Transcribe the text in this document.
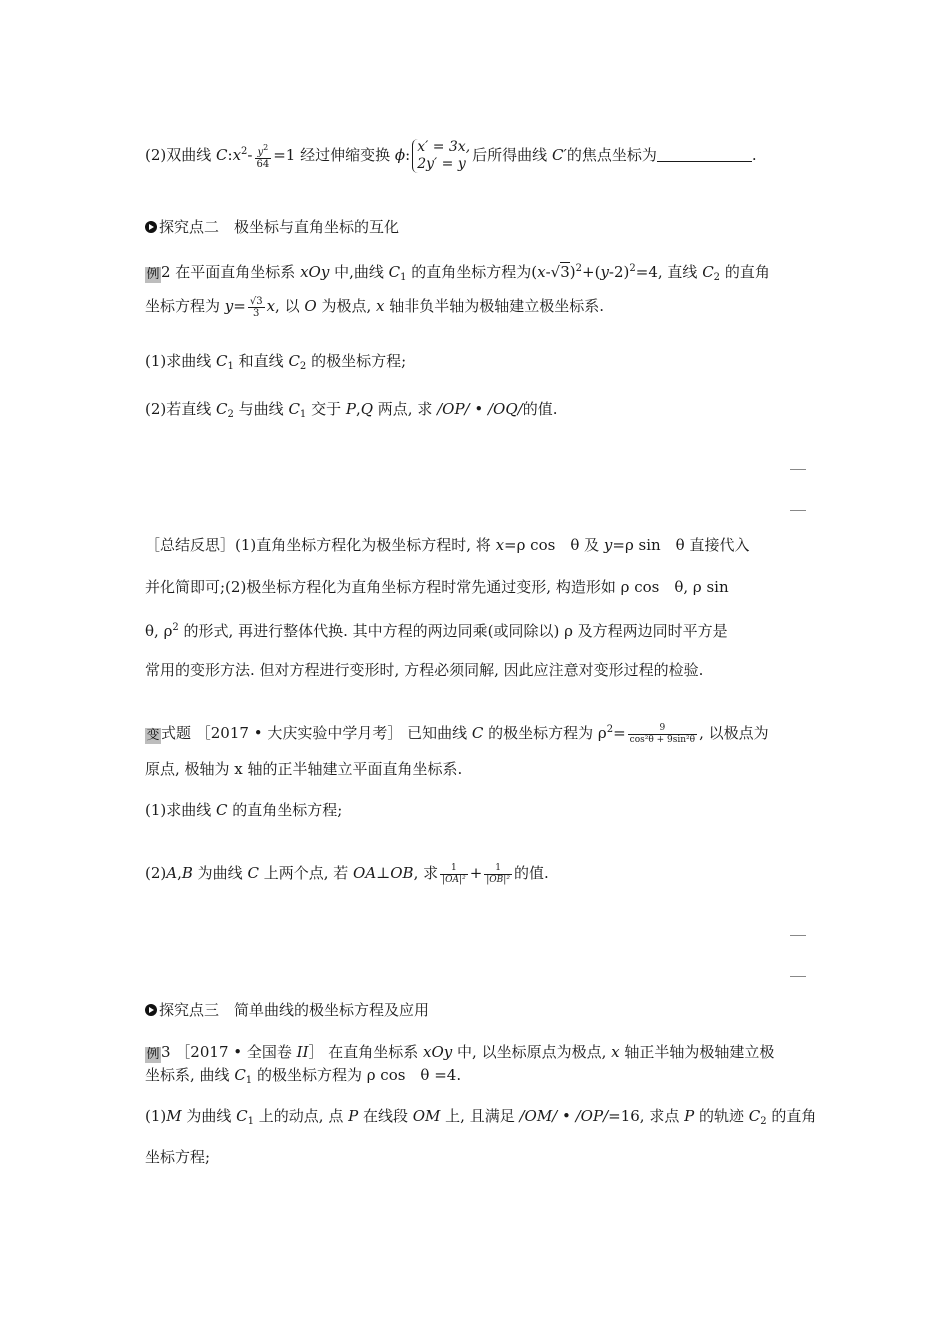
(2)双曲线 $C:x^2- \frac{y^2}{64} =1$ 经过伸缩变换 ϕ: x′ = 3x,
2y′ = y 后所得曲线 C′的焦点坐标为	.
探究点二　极坐标与直角坐标的互化
例 2 在平面直角坐标系 xOy 中,曲线 $C_1$ 的直角坐标方程为$(x-√3)^2+(y-2)^2=4$, 直线 $C_2$ 的直角
坐标方程为 $y= \frac{√3}{3} x$, 以 O 为极点, x 轴非负半轴为极轴建立极坐标系.
(1)求曲线 $C_1$ 和直线 $C_2$ 的极坐标方程;
(2)若直线 $C_2$ 与曲线 $C_1$ 交于 P,Q 两点, 求 /OP/ • /OQ/的值.
［总结反思］(1)直角坐标方程化为极坐标方程时, 将 x=ρ cos　θ 及 y=ρ sin　θ 直接代入
并化简即可;(2)极坐标方程化为直角坐标方程时常先通过变形, 构造形如 ρ cos　θ, ρ sin
θ, $\rho^2$ 的形式, 再进行整体代换. 其中方程的两边同乘(或同除以) ρ 及方程两边同时平方是
常用的变形方法. 但对方程进行变形时, 方程必须同解, 因此应注意对变形过程的检验.
变 式题 ［2017 • 大庆实验中学月考］ 已知曲线 C 的极坐标方程为 $\rho^2= \frac{9}{\text{cos²θ + 9sin²θ}}$ , 以极点为
原点, 极轴为 x 轴的正半轴建立平面直角坐标系.
(1)求曲线 C 的直角坐标方程;
(2)A,B 为曲线 C 上两个点, 若 OA⊥OB, 求 $\frac{1}{\text{|OA|²}} + \frac{1}{\text{|OB|²}}$ 的值.
探究点三　简单曲线的极坐标方程及应用
例 3 ［2017 • 全国卷 II］ 在直角坐标系 xOy 中, 以坐标原点为极点, x 轴正半轴为极轴建立极
坐标系, 曲线 $C_1$ 的极坐标方程为 ρ cos　θ =4.
(1)M 为曲线 $C_1$ 上的动点, 点 P 在线段 OM 上, 且满足 /OM/ • /OP/=16, 求点 P 的轨迹 $C_2$ 的直角
坐标方程;
